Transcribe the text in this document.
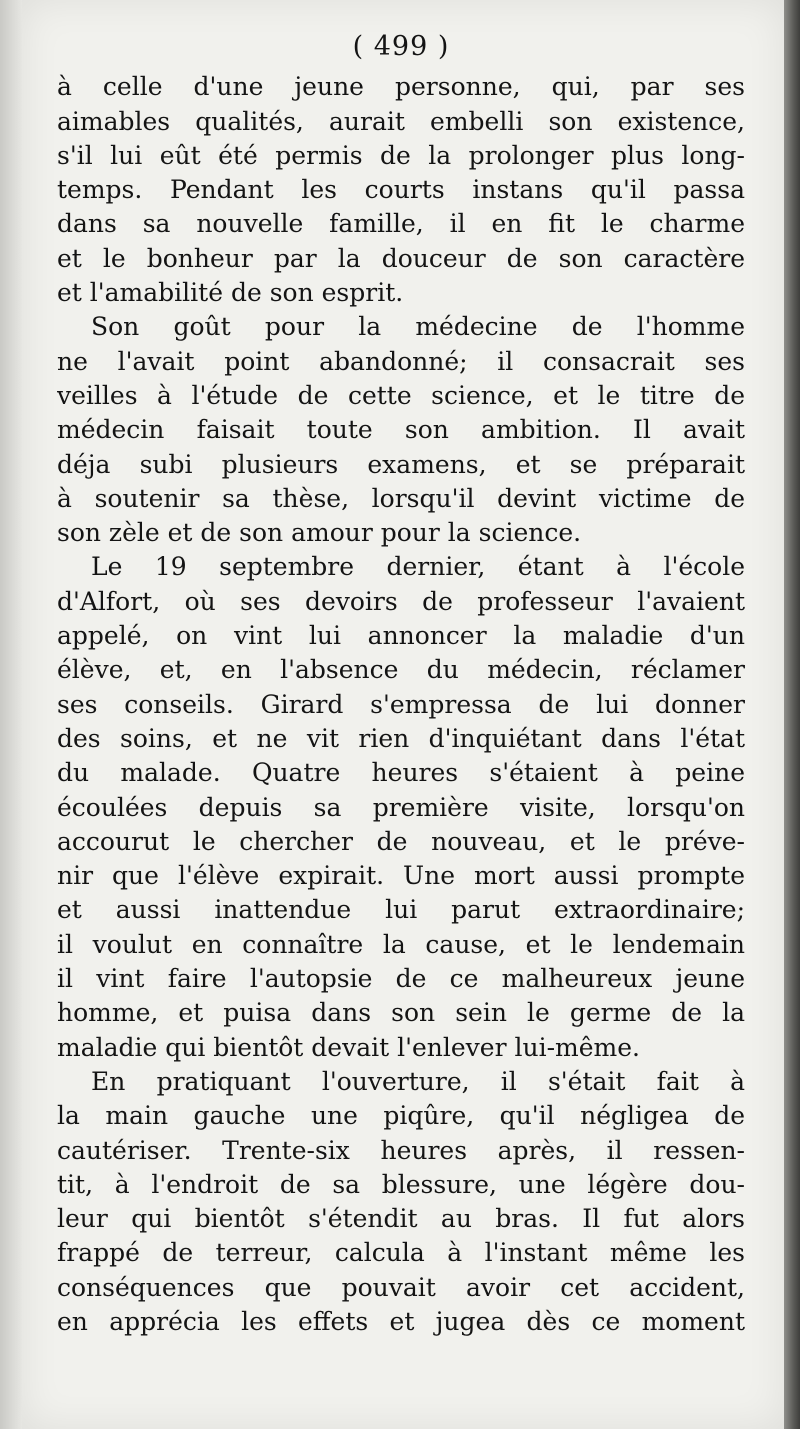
( 499 )
à celle d'une jeune personne, qui, par ses
aimables qualités, aurait embelli son existence,
s'il lui eût été permis de la prolonger plus long-
temps. Pendant les courts instans qu'il passa
dans sa nouvelle famille, il en fit le charme
et le bonheur par la douceur de son caractère
et l'amabilité de son esprit.
Son goût pour la médecine de l'homme
ne l'avait point abandonné; il consacrait ses
veilles à l'étude de cette science, et le titre de
médecin faisait toute son ambition. Il avait
déja subi plusieurs examens, et se préparait
à soutenir sa thèse, lorsqu'il devint victime de
son zèle et de son amour pour la science.
Le 19 septembre dernier, étant à l'école
d'Alfort, où ses devoirs de professeur l'avaient
appelé, on vint lui annoncer la maladie d'un
élève, et, en l'absence du médecin, réclamer
ses conseils. Girard s'empressa de lui donner
des soins, et ne vit rien d'inquiétant dans l'état
du malade. Quatre heures s'étaient à peine
écoulées depuis sa première visite, lorsqu'on
accourut le chercher de nouveau, et le préve-
nir que l'élève expirait. Une mort aussi prompte
et aussi inattendue lui parut extraordinaire;
il voulut en connaître la cause, et le lendemain
il vint faire l'autopsie de ce malheureux jeune
homme, et puisa dans son sein le germe de la
maladie qui bientôt devait l'enlever lui-même.
En pratiquant l'ouverture, il s'était fait à
la main gauche une piqûre, qu'il négligea de
cautériser. Trente-six heures après, il ressen-
tit, à l'endroit de sa blessure, une légère dou-
leur qui bientôt s'étendit au bras. Il fut alors
frappé de terreur, calcula à l'instant même les
conséquences que pouvait avoir cet accident,
en apprécia les effets et jugea dès ce moment
